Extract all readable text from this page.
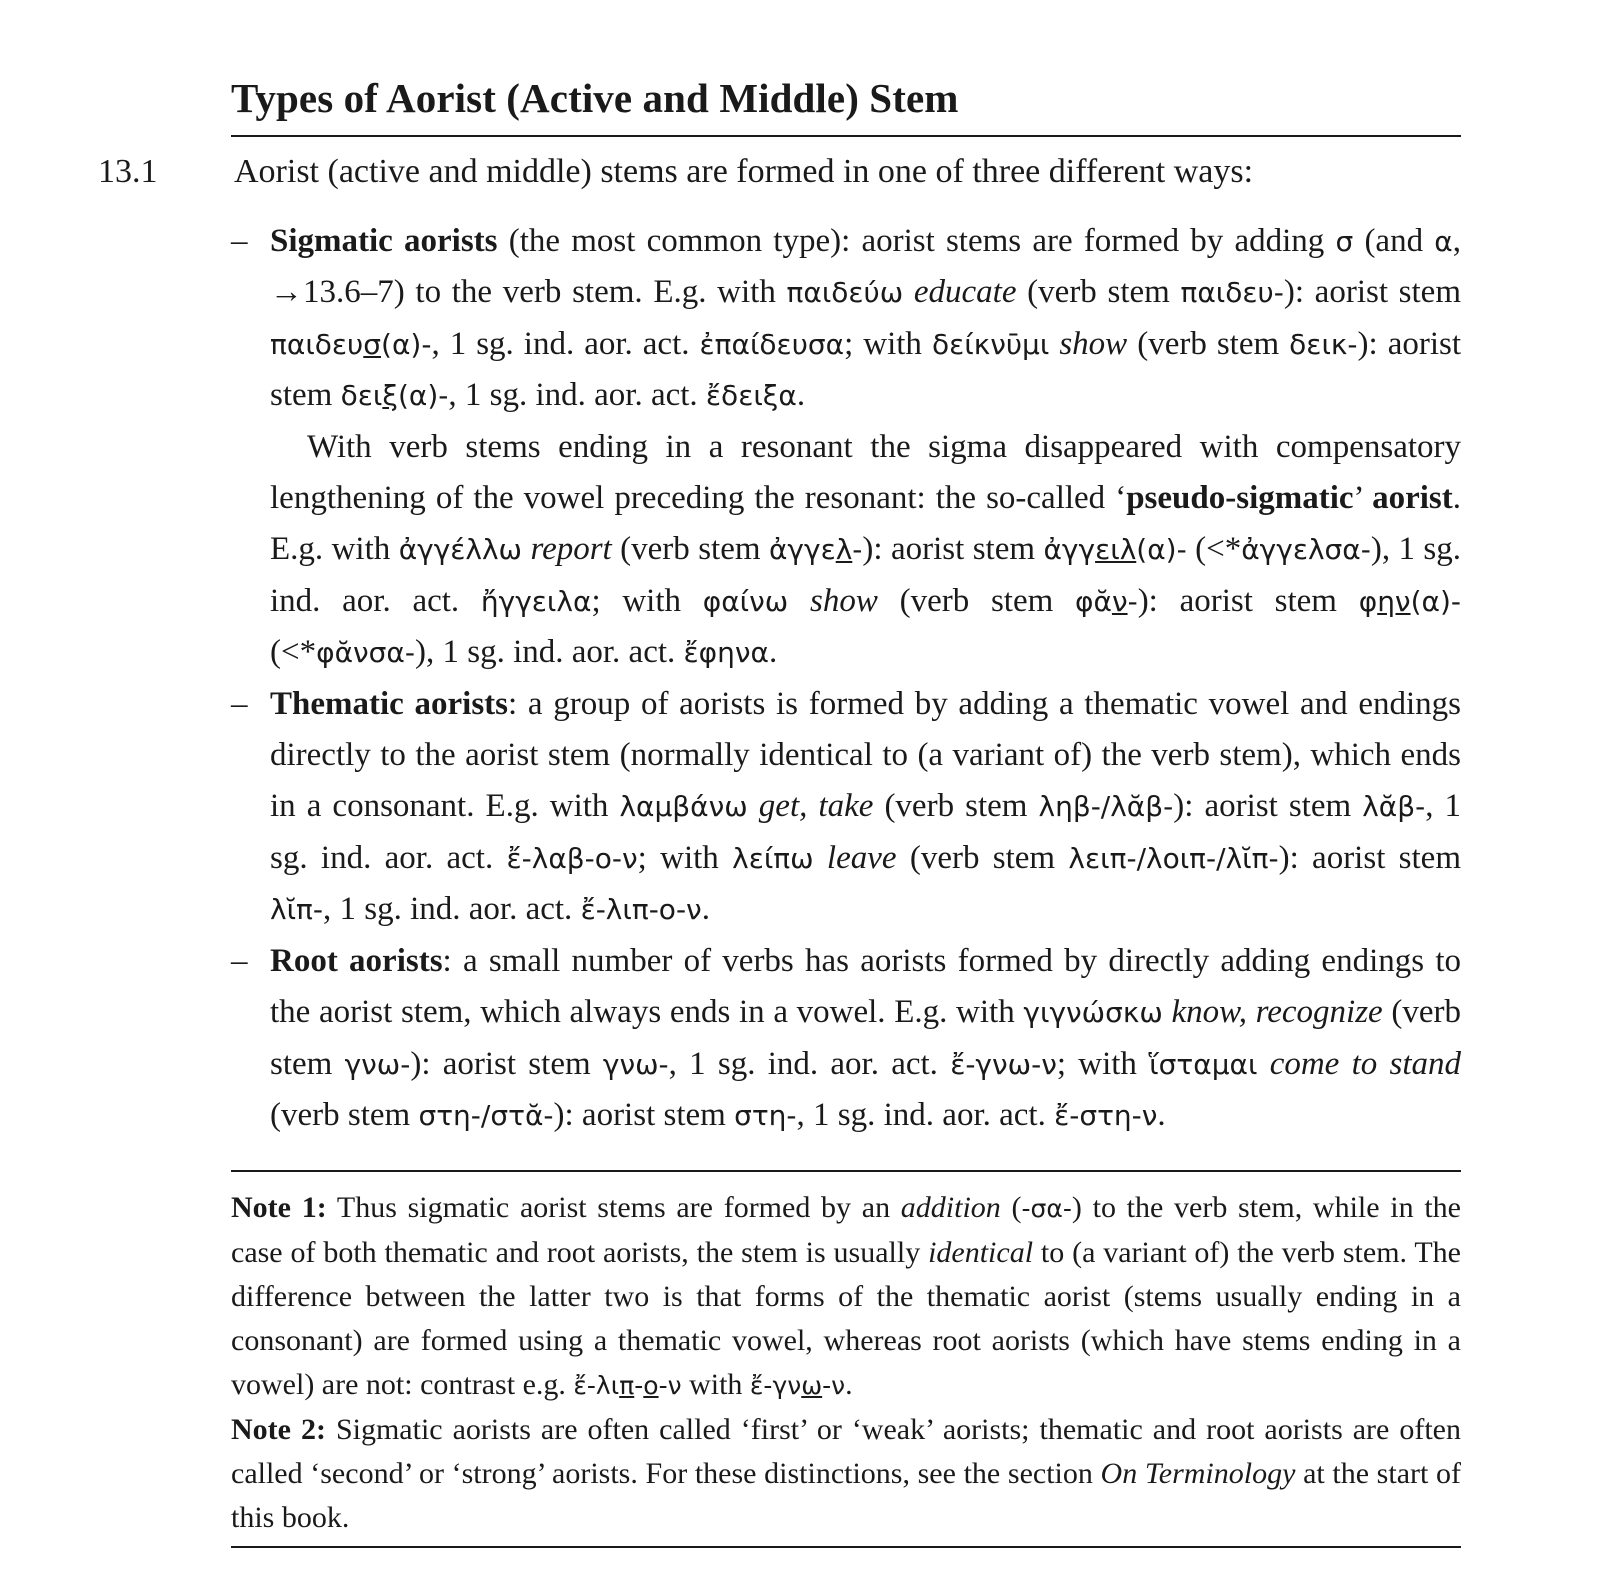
Types of Aorist (Active and Middle) Stem
13.1 Aorist (active and middle) stems are formed in one of three different ways:
– Sigmatic aorists (the most common type): aorist stems are formed by adding σ (and α, →13.6–7) to the verb stem. E.g. with παιδεύω educate (verb stem παιδευ-): aorist stem παιδευσ(α)-, 1 sg. ind. aor. act. ἐπαίδευσα; with δείκνῡμι show (verb stem δεικ-): aorist stem δειξ(α)-, 1 sg. ind. aor. act. ἔδειξα.

With verb stems ending in a resonant the sigma disappeared with compensatory lengthening of the vowel preceding the resonant: the so-called ‘pseudo-sigmatic’ aorist. E.g. with ἀγγέλλω report (verb stem ἀγγελ-): aorist stem ἀγγειλ(α)- (<*ἀγγελσα-), 1 sg. ind. aor. act. ἤγγειλα; with φαίνω show (verb stem φᾰν-): aorist stem φην(α)- (<*φᾰνσα-), 1 sg. ind. aor. act. ἔφηνα.

– Thematic aorists: a group of aorists is formed by adding a thematic vowel and endings directly to the aorist stem (normally identical to (a variant of) the verb stem), which ends in a consonant. E.g. with λαμβάνω get, take (verb stem ληβ-/λᾰβ-): aorist stem λᾰβ-, 1 sg. ind. aor. act. ἔ-λαβ-ο-ν; with λείπω leave (verb stem λειπ-/λοιπ-/λῐπ-): aorist stem λῐπ-, 1 sg. ind. aor. act. ἔ-λιπ-ο-ν.

– Root aorists: a small number of verbs has aorists formed by directly adding endings to the aorist stem, which always ends in a vowel. E.g. with γιγνώσκω know, recognize (verb stem γνω-): aorist stem γνω-, 1 sg. ind. aor. act. ἔ-γνω-ν; with ἵσταμαι come to stand (verb stem στη-/στᾰ-): aorist stem στη-, 1 sg. ind. aor. act. ἔ-στη-ν.

Note 1: Thus sigmatic aorist stems are formed by an addition (-σα-) to the verb stem, while in the case of both thematic and root aorists, the stem is usually identical to (a variant of) the verb stem. The difference between the latter two is that forms of the thematic aorist (stems usually ending in a consonant) are formed using a thematic vowel, whereas root aorists (which have stems ending in a vowel) are not: contrast e.g. ἔ-λιπ-ο-ν with ἔ-γνω-ν.

Note 2: Sigmatic aorists are often called ‘first’ or ‘weak’ aorists; thematic and root aorists are often called ‘second’ or ‘strong’ aorists. For these distinctions, see the section On Terminology at the start of this book.
